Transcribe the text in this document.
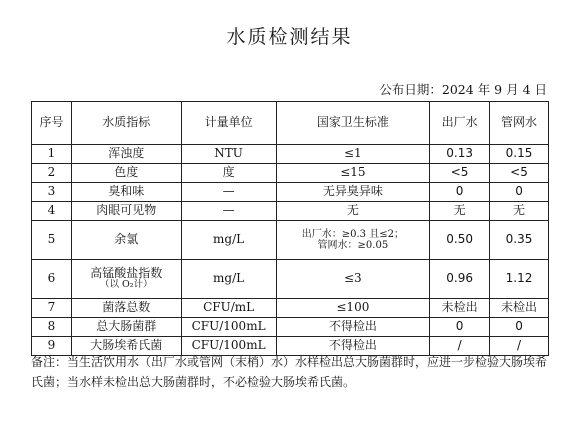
水质检测结果
公布日期：2024 年 9 月 4 日
序号	水质指标	计量单位	国家卫生标准	出厂水	管网水
1	浑浊度	NTU	≤1	0.13	0.15
2	色度	度	≤15	<5	<5
3	臭和味	—	无异臭异味	0	0
4	肉眼可见物	—	无	无	无
5	余氯	mg/L	出厂水：≥0.3 且≤2；
管网水：≥0.05	0.50	0.35
6	高锰酸盐指数
（以 O₂计）	mg/L	≤3	0.96	1.12
7	菌落总数	CFU/mL	≤100	未检出	未检出
8	总大肠菌群	CFU/100mL	不得检出	0	0
9	大肠埃希氏菌	CFU/100mL	不得检出	/	/
备注：当生活饮用水（出厂水或管网（末梢）水）水样检出总大肠菌群时，应进一步检验大肠埃希氏菌；当水样未检出总大肠菌群时，不必检验大肠埃希氏菌。
